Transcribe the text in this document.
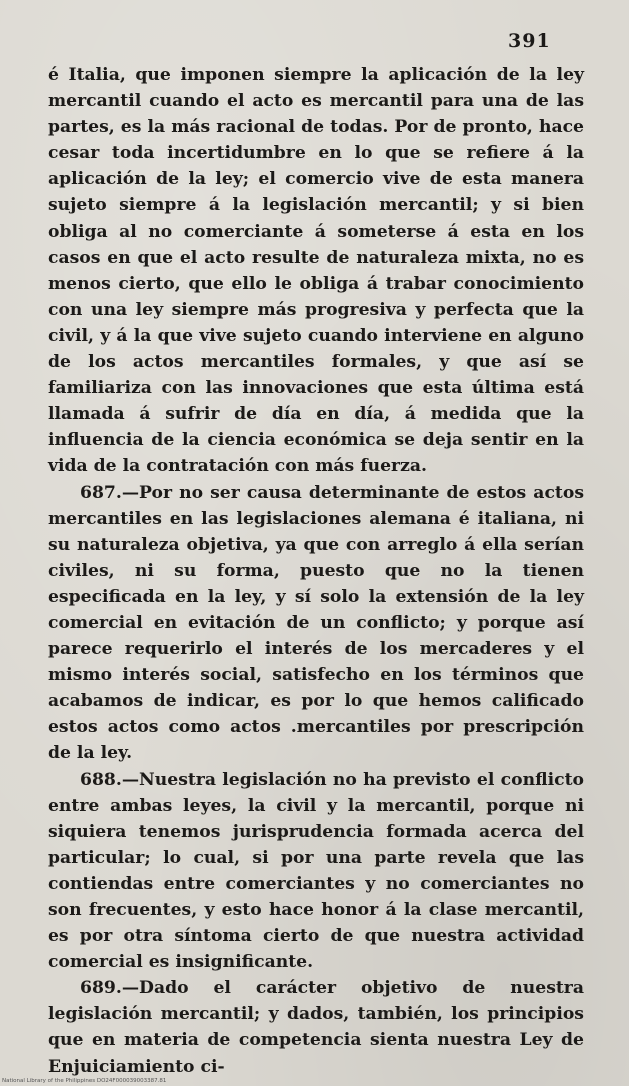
391

é Italia, que imponen siempre la aplicación de la ley mercantil cuando el acto es mercantil para una de las partes, es la más racional de todas. Por de pronto, hace cesar toda incertidumbre en lo que se refiere á la aplicación de la ley; el comercio vive de esta manera sujeto siempre á la legislación mercantil; y si bien obliga al no comerciante á someterse á esta en los casos en que el acto resulte de naturaleza mixta, no es menos cierto, que ello le obliga á trabar conocimiento con una ley siempre más progresiva y perfecta que la civil, y á la que vive sujeto cuando interviene en alguno de los actos mercantiles formales, y que así se familiariza con las innovaciones que esta última está llamada á sufrir de día en día, á medida que la influencia de la ciencia económica se deja sentir en la vida de la contratación con más fuerza.

687.—Por no ser causa determinante de estos actos mercantiles en las legislaciones alemana é italiana, ni su naturaleza objetiva, ya que con arreglo á ella serían civiles, ni su forma, puesto que no la tienen especificada en la ley, y sí solo la extensión de la ley comercial en evitación de un conflicto; y porque así parece requerirlo el interés de los mercaderes y el mismo interés social, satisfecho en los términos que acabamos de indicar, es por lo que hemos calificado estos actos como actos .mercantiles por prescripción de la ley.

688.—Nuestra legislación no ha previsto el conflicto entre ambas leyes, la civil y la mercantil, porque ni siquiera tenemos jurisprudencia formada acerca del particular; lo cual, si por una parte revela que las contiendas entre comerciantes y no comerciantes no son frecuentes, y esto hace honor á la clase mercantil, es por otra síntoma cierto de que nuestra actividad comercial es insignificante.

689.—Dado el carácter objetivo de nuestra legislación mercantil; y dados, también, los principios que en materia de competencia sienta nuestra Ley de Enjuiciamiento ci-

National Library of the Philippines DO24F000039003387.81
